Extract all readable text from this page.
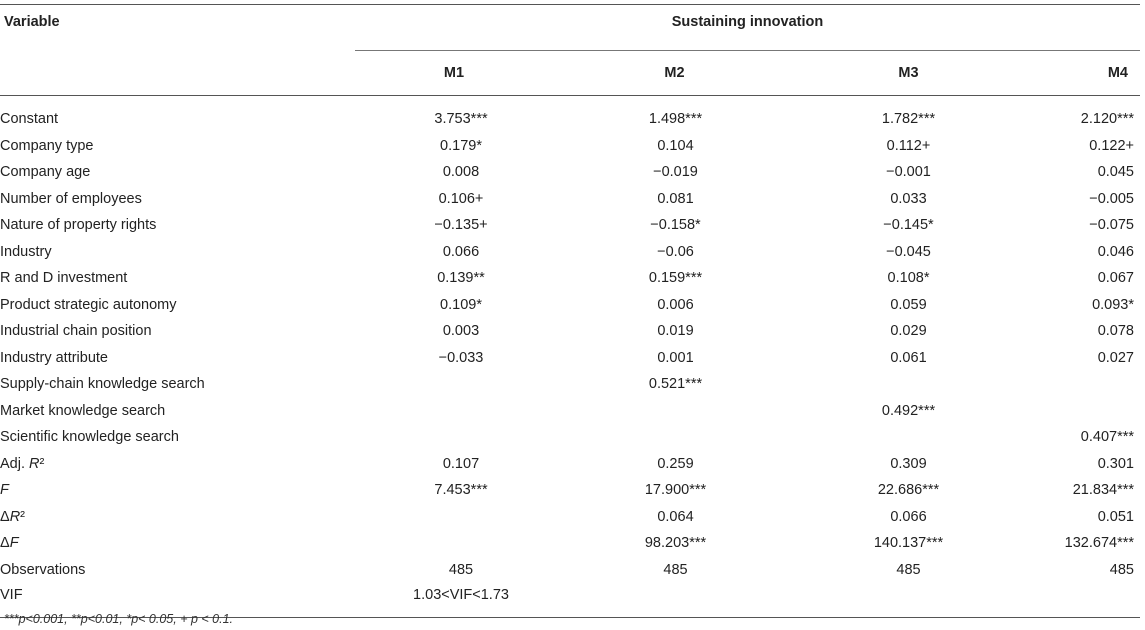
Variable	Sustaining innovation			
	M1	M2	M3	M4

Constant	3.753***	1.498***	1.782***	2.120***
Company type	0.179*	0.104	0.112+	0.122+
Company age	0.008	−0.019	−0.001	0.045
Number of employees	0.106+	0.081	0.033	−0.005
Nature of property rights	−0.135+	−0.158*	−0.145*	−0.075
Industry	0.066	−0.06	−0.045	0.046
R and D investment	0.139**	0.159***	0.108*	0.067
Product strategic autonomy	0.109*	0.006	0.059	0.093*
Industrial chain position	0.003	0.019	0.029	0.078
Industry attribute	−0.033	0.001	0.061	0.027
Supply-chain knowledge search		0.521***		
Market knowledge search			0.492***	
Scientific knowledge search				0.407***
Adj. R²	0.107	0.259	0.309	0.301
F	7.453***	17.900***	22.686***	21.834***
ΔR²		0.064	0.066	0.051
ΔF		98.203***	140.137***	132.674***
Observations	485	485	485	485
VIF	1.03<VIF<1.73			
***p<0.001, **p<0.01, *p< 0.05, + p < 0.1.
